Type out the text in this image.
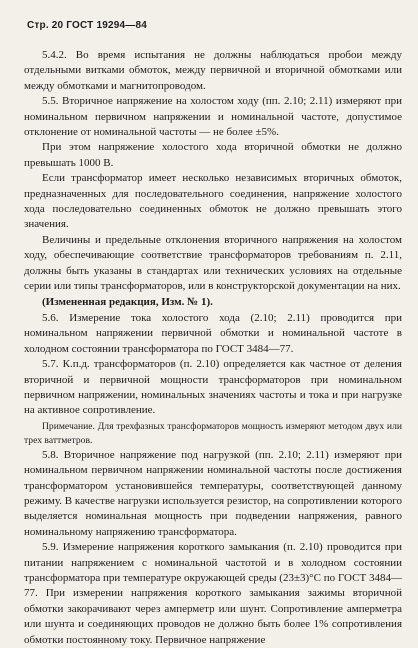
Стр. 20 ГОСТ 19294—84

5.4.2. Во время испытания не должны наблюдаться пробои между отдельными витками обмоток, между первичной и вторичной обмотками или между обмотками и магнитопроводом.

5.5. Вторичное напряжение на холостом ходу (пп. 2.10; 2.11) измеряют при номинальном первичном напряжении и номинальной частоте, допустимое отклонение от номинальной частоты — не более ±5%.

При этом напряжение холостого хода вторичной обмотки не должно превышать 1000 В.

Если трансформатор имеет несколько независимых вторичных обмоток, предназначенных для последовательного соединения, напряжение холостого хода последовательно соединенных обмоток не должно превышать этого значения.

Величины и предельные отклонения вторичного напряжения на холостом ходу, обеспечивающие соответствие трансформаторов требованиям п. 2.11, должны быть указаны в стандартах или технических условиях на отдельные серии или типы трансформаторов, или в конструкторской документации на них.

(Измененная редакция, Изм. № 1).

5.6. Измерение тока холостого хода (2.10; 2.11) проводится при номинальном напряжении первичной обмотки и номинальной частоте в холодном состоянии трансформатора по ГОСТ 3484—77.

5.7. К.п.д. трансформаторов (п. 2.10) определяется как частное от деления вторичной и первичной мощности трансформаторов при номинальном первичном напряжении, номинальных значениях частоты и тока и при нагрузке на активное сопротивление.

Примечание. Для трехфазных трансформаторов мощность измеряют методом двух или трех ваттметров.

5.8. Вторичное напряжение под нагрузкой (пп. 2.10; 2.11) измеряют при номинальном первичном напряжении номинальной частоты после достижения трансформатором установившейся температуры, соответствующей данному режиму. В качестве нагрузки используется резистор, на сопротивлении которого выделяется номинальная мощность при подведении напряжения, равного номинальному напряжению трансформатора.

5.9. Измерение напряжения короткого замыкания (п. 2.10) проводится при питании напряжением с номинальной частотой и в холодном состоянии трансформатора при температуре окружающей среды (23±3)°С по ГОСТ 3484—77. При измерении напряжения короткого замыкания зажимы вторичной обмотки закорачивают через амперметр или шунт. Сопротивление амперметра или шунта и соединяющих проводов не должно быть более 1% сопротивления обмотки постоянному току. Первичное напряжение
